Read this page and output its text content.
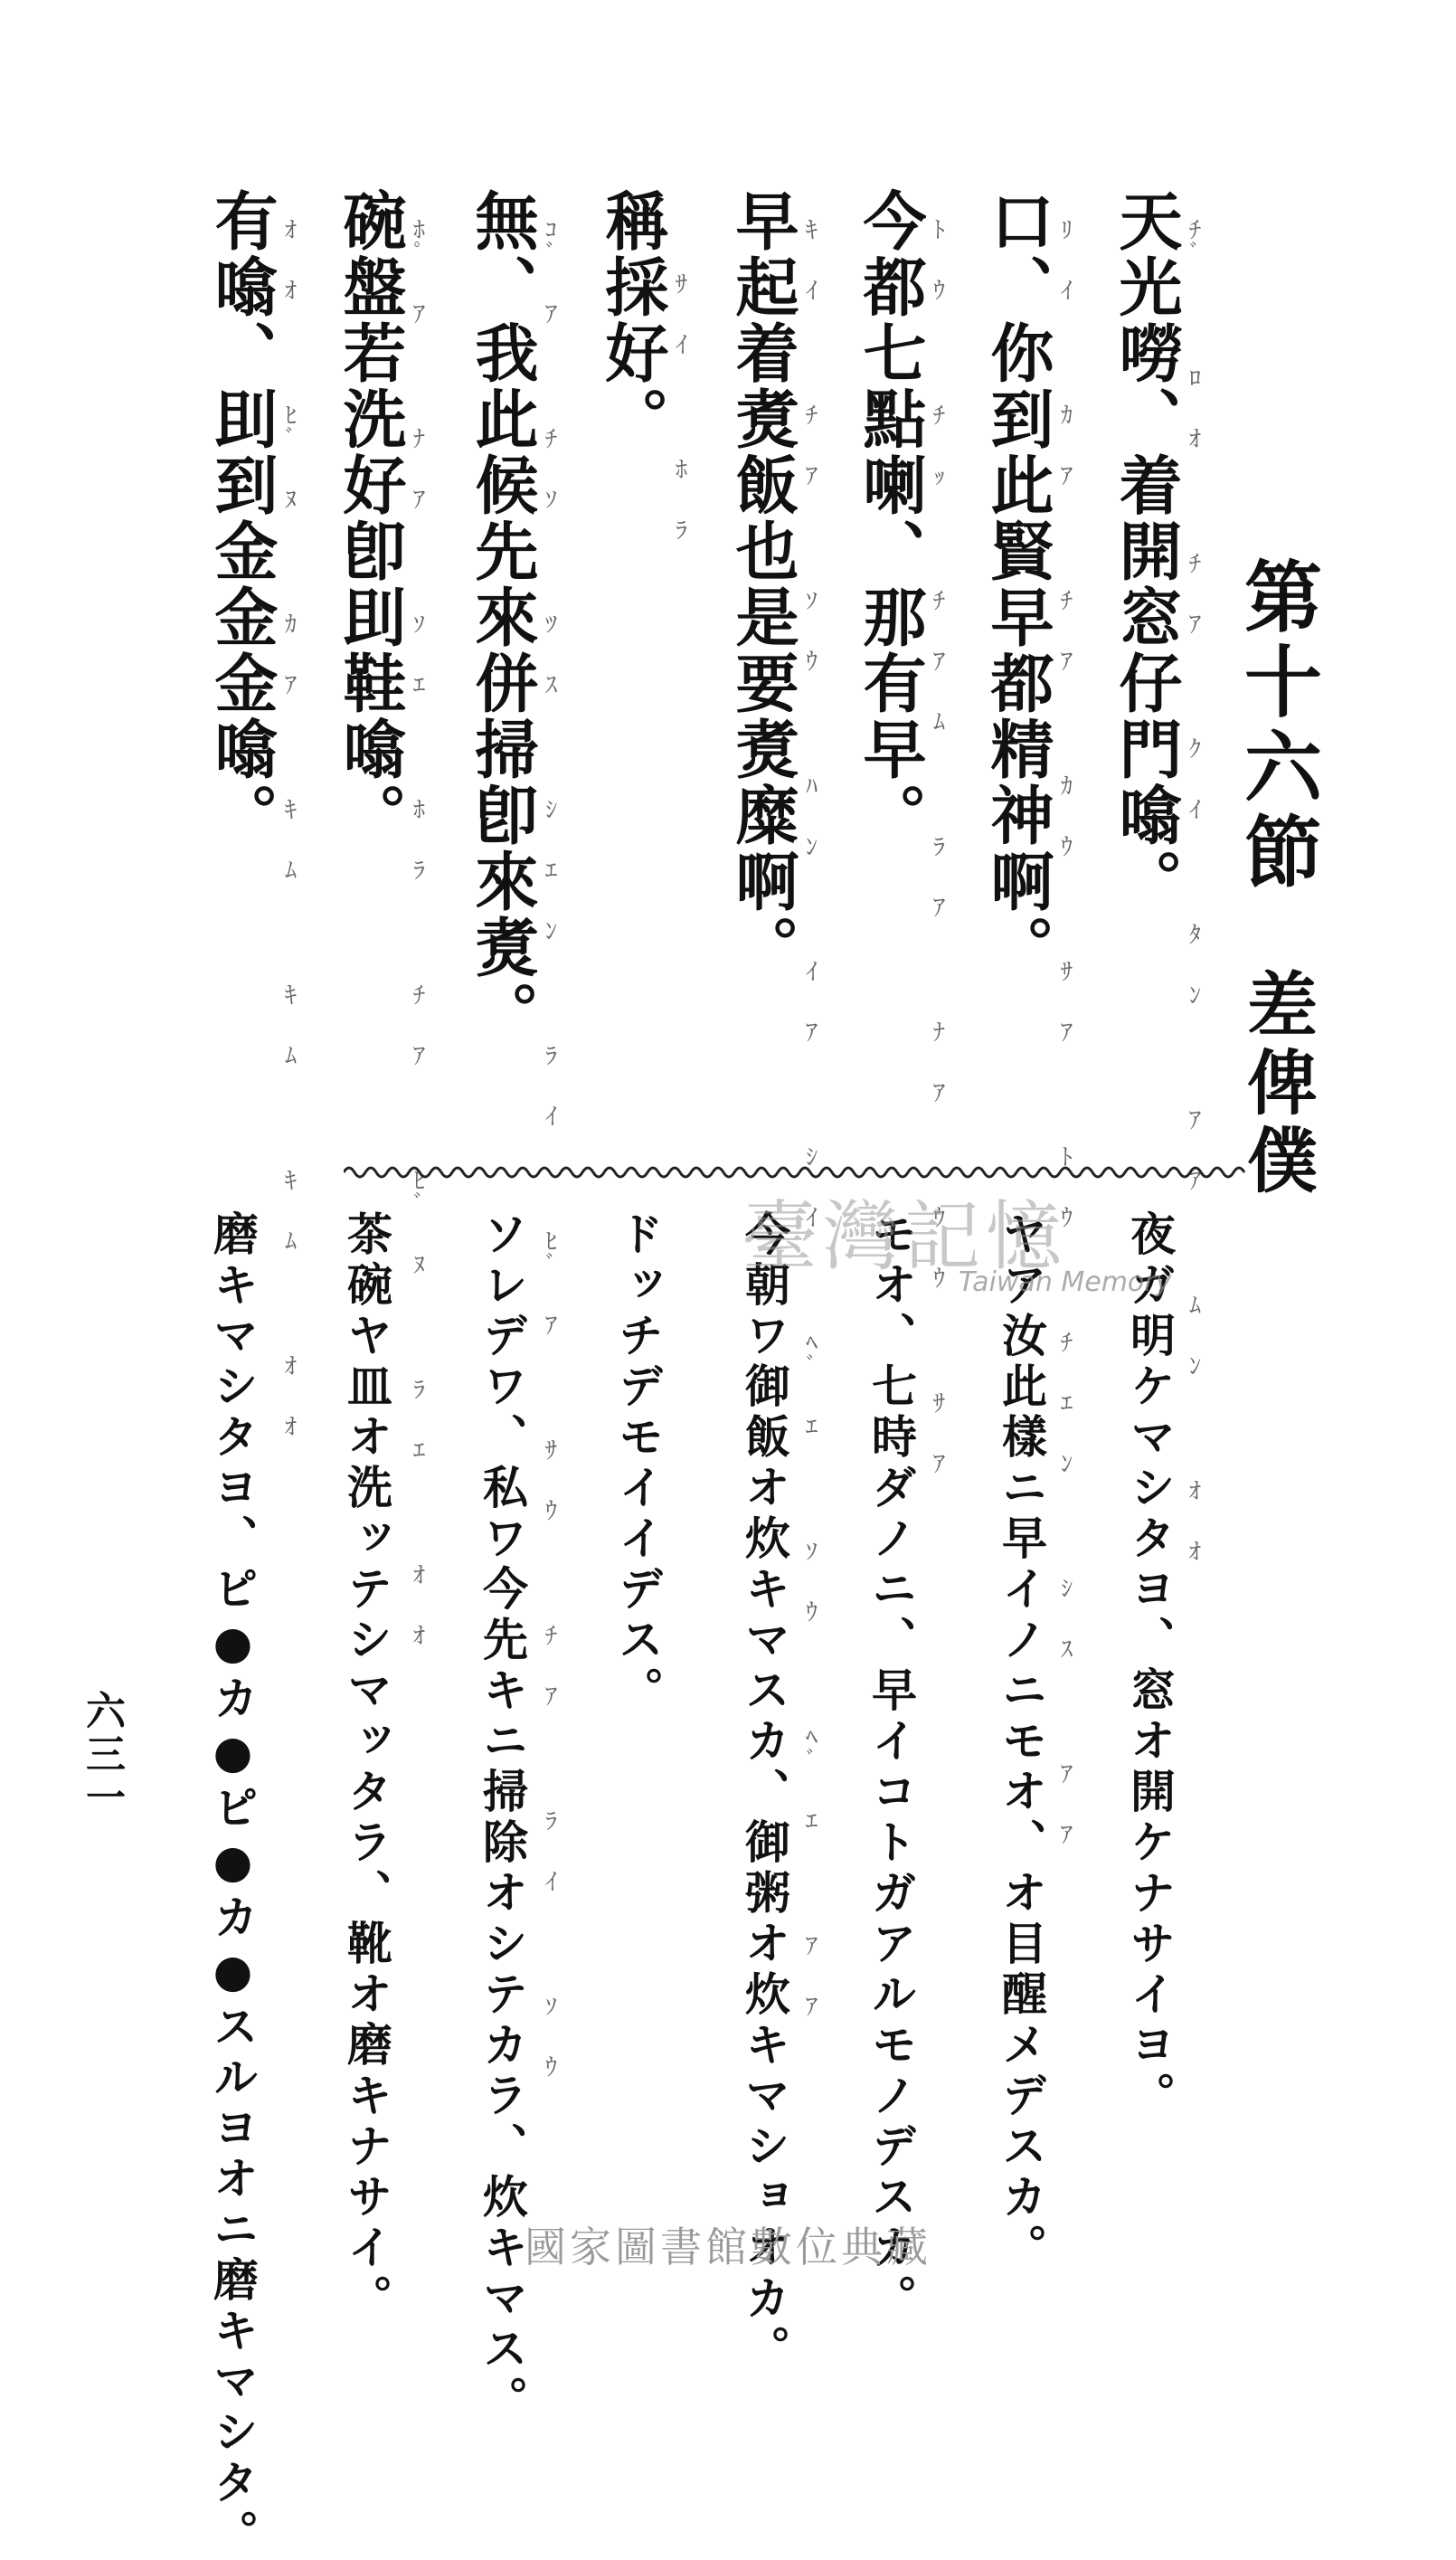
第十六節
差俾僕
天光嘮、着開窓仔門噏。
口、你到此賢早都精神啊。
今都七點喇、那有早。
早起着煑飯也是要煑糜啊。
稱採好。
無、我此候先來併掃卽來煑。
碗盤若洗好卽刞鞋噏。
有噏、刞到金金金噏。	ﾁﾞ ﾛｵ ﾁｱ ｸｲ ﾀﾝ ｱｱ ﾑﾝ ｵｵ
ﾘｲ ｶｱ ﾁｱ ｶｳ ｻｱ ﾄｳ ﾁｴﾝ ｼｽ ｱｱ
ﾄｳ ﾁｯ ﾁｱﾑ ﾗｱ ﾅｱ ｳｳ ｻｱ
ｷｲ ﾁｱ ｿｳ ﾊﾝ ｲｱ ｼｲ ﾍﾞｴ ｿｳ ﾍﾞｴ ｱｱ
ｻｲ ﾎﾗ
ｺﾞｱ ﾁｿ ﾂｽ ｼｴﾝ ﾗｲ ﾋﾞｱ ｻｳ ﾁｱ ﾗｲ ｿｳ
ﾎﾟｱ ﾅｱ ｿｴ ﾎﾗ ﾁｱ ﾋﾞﾇ ﾗｴ ｵｵ
ｵｵ ﾋﾞﾇ ｶｱ ｷﾑ ｷﾑ ｷﾑ ｵｵ
夜ガ明ケマシタヨ、窓オ開ケナサイヨ。
ヤア汝此樣ニ早イノニモオ、オ目醒メデスカ。
モオ、七時ダノニ、早イコトガアルモノデスカ。
今朝ワ御飯オ炊キマスカ、御粥オ炊キマショオカ。
ドッチデモイイデス。
ソレデワ、私ワ今先キニ掃除オシテカラ、炊キマス。
茶碗ヤ皿オ洗ッテシマッタラ、靴オ磨キナサイ。
磨キマシタヨ、ピ●カ●ピ●カ●スルヨオニ磨キマシタ。	臺灣記憶
Taiwan Memory
六三一
國家圖書館數位典藏
